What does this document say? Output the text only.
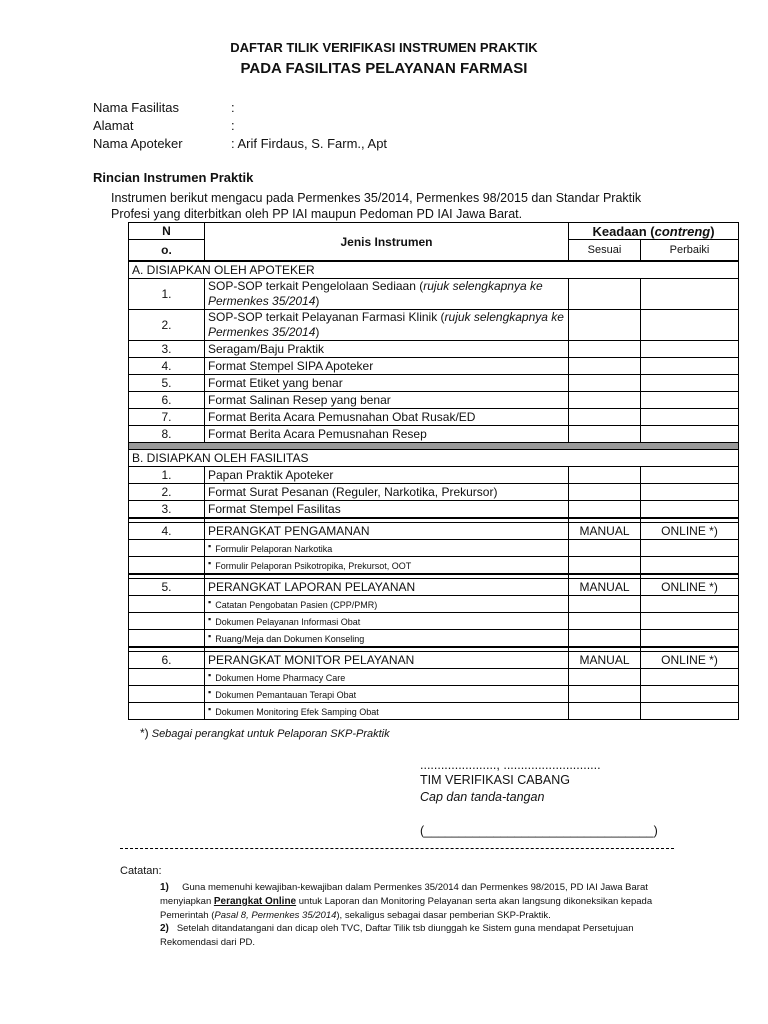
DAFTAR TILIK VERIFIKASI INSTRUMEN PRAKTIK
PADA FASILITAS PELAYANAN FARMASI
Nama Fasilitas	:
Alamat	:
Nama Apoteker	: Arif Firdaus, S. Farm., Apt
Rincian Instrumen Praktik
Instrumen berikut mengacu pada Permenkes 35/2014, Permenkes 98/2015 dan Standar Praktik Profesi yang diterbitkan oleh PP IAI maupun Pedoman PD IAI Jawa Barat.
N	Jenis Instrumen	Keadaan (contreng)	
o.		Sesuai	Perbaiki
A. DISIAPKAN OLEH APOTEKER			
1.	SOP-SOP terkait Pengelolaan Sediaan (rujuk selengkapnya ke Permenkes 35/2014)		
2.	SOP-SOP terkait Pelayanan Farmasi Klinik (rujuk selengkapnya ke Permenkes 35/2014)		
3.	Seragam/Baju Praktik		
4.	Format Stempel SIPA Apoteker		
5.	Format Etiket yang benar		
6.	Format Salinan Resep yang benar		
7.	Format Berita Acara Pemusnahan Obat Rusak/ED		
8.	Format Berita Acara Pemusnahan Resep		

B. DISIAPKAN OLEH FASILITAS			
1.	Papan Praktik Apoteker		
2.	Format Surat Pesanan (Reguler, Narkotika, Prekursor)		
3.	Format Stempel Fasilitas		

4.	PERANGKAT PENGAMANAN	MANUAL	ONLINE *)
	▪ Formulir Pelaporan Narkotika		
	▪ Formulir Pelaporan Psikotropika, Prekursot, OOT		

5.	PERANGKAT LAPORAN PELAYANAN	MANUAL	ONLINE *)
	▪ Catatan Pengobatan Pasien (CPP/PMR)		
	▪ Dokumen Pelayanan Informasi Obat		
	▪ Ruang/Meja dan Dokumen Konseling		

6.	PERANGKAT MONITOR PELAYANAN	MANUAL	ONLINE *)
	▪ Dokumen Home Pharmacy Care		
	▪ Dokumen Pemantauan Terapi Obat		
	▪ Dokumen Monitoring Efek Samping Obat		
*) Sebagai perangkat untuk Pelaporan SKP-Praktik
......................, ............................
TIM VERIFIKASI CABANG
Cap dan tanda-tangan
(_________________________________)
Catatan:
1) Guna memenuhi kewajiban-kewajiban dalam Permenkes 35/2014 dan Permenkes 98/2015, PD IAI Jawa Barat menyiapkan Perangkat Online untuk Laporan dan Monitoring Pelayanan serta akan langsung dikoneksikan kepada Pemerintah (Pasal 8, Permenkes 35/2014), sekaligus sebagai dasar pemberian SKP-Praktik.
2) Setelah ditandatangani dan dicap oleh TVC, Daftar Tilik tsb diunggah ke Sistem guna mendapat Persetujuan Rekomendasi dari PD.
